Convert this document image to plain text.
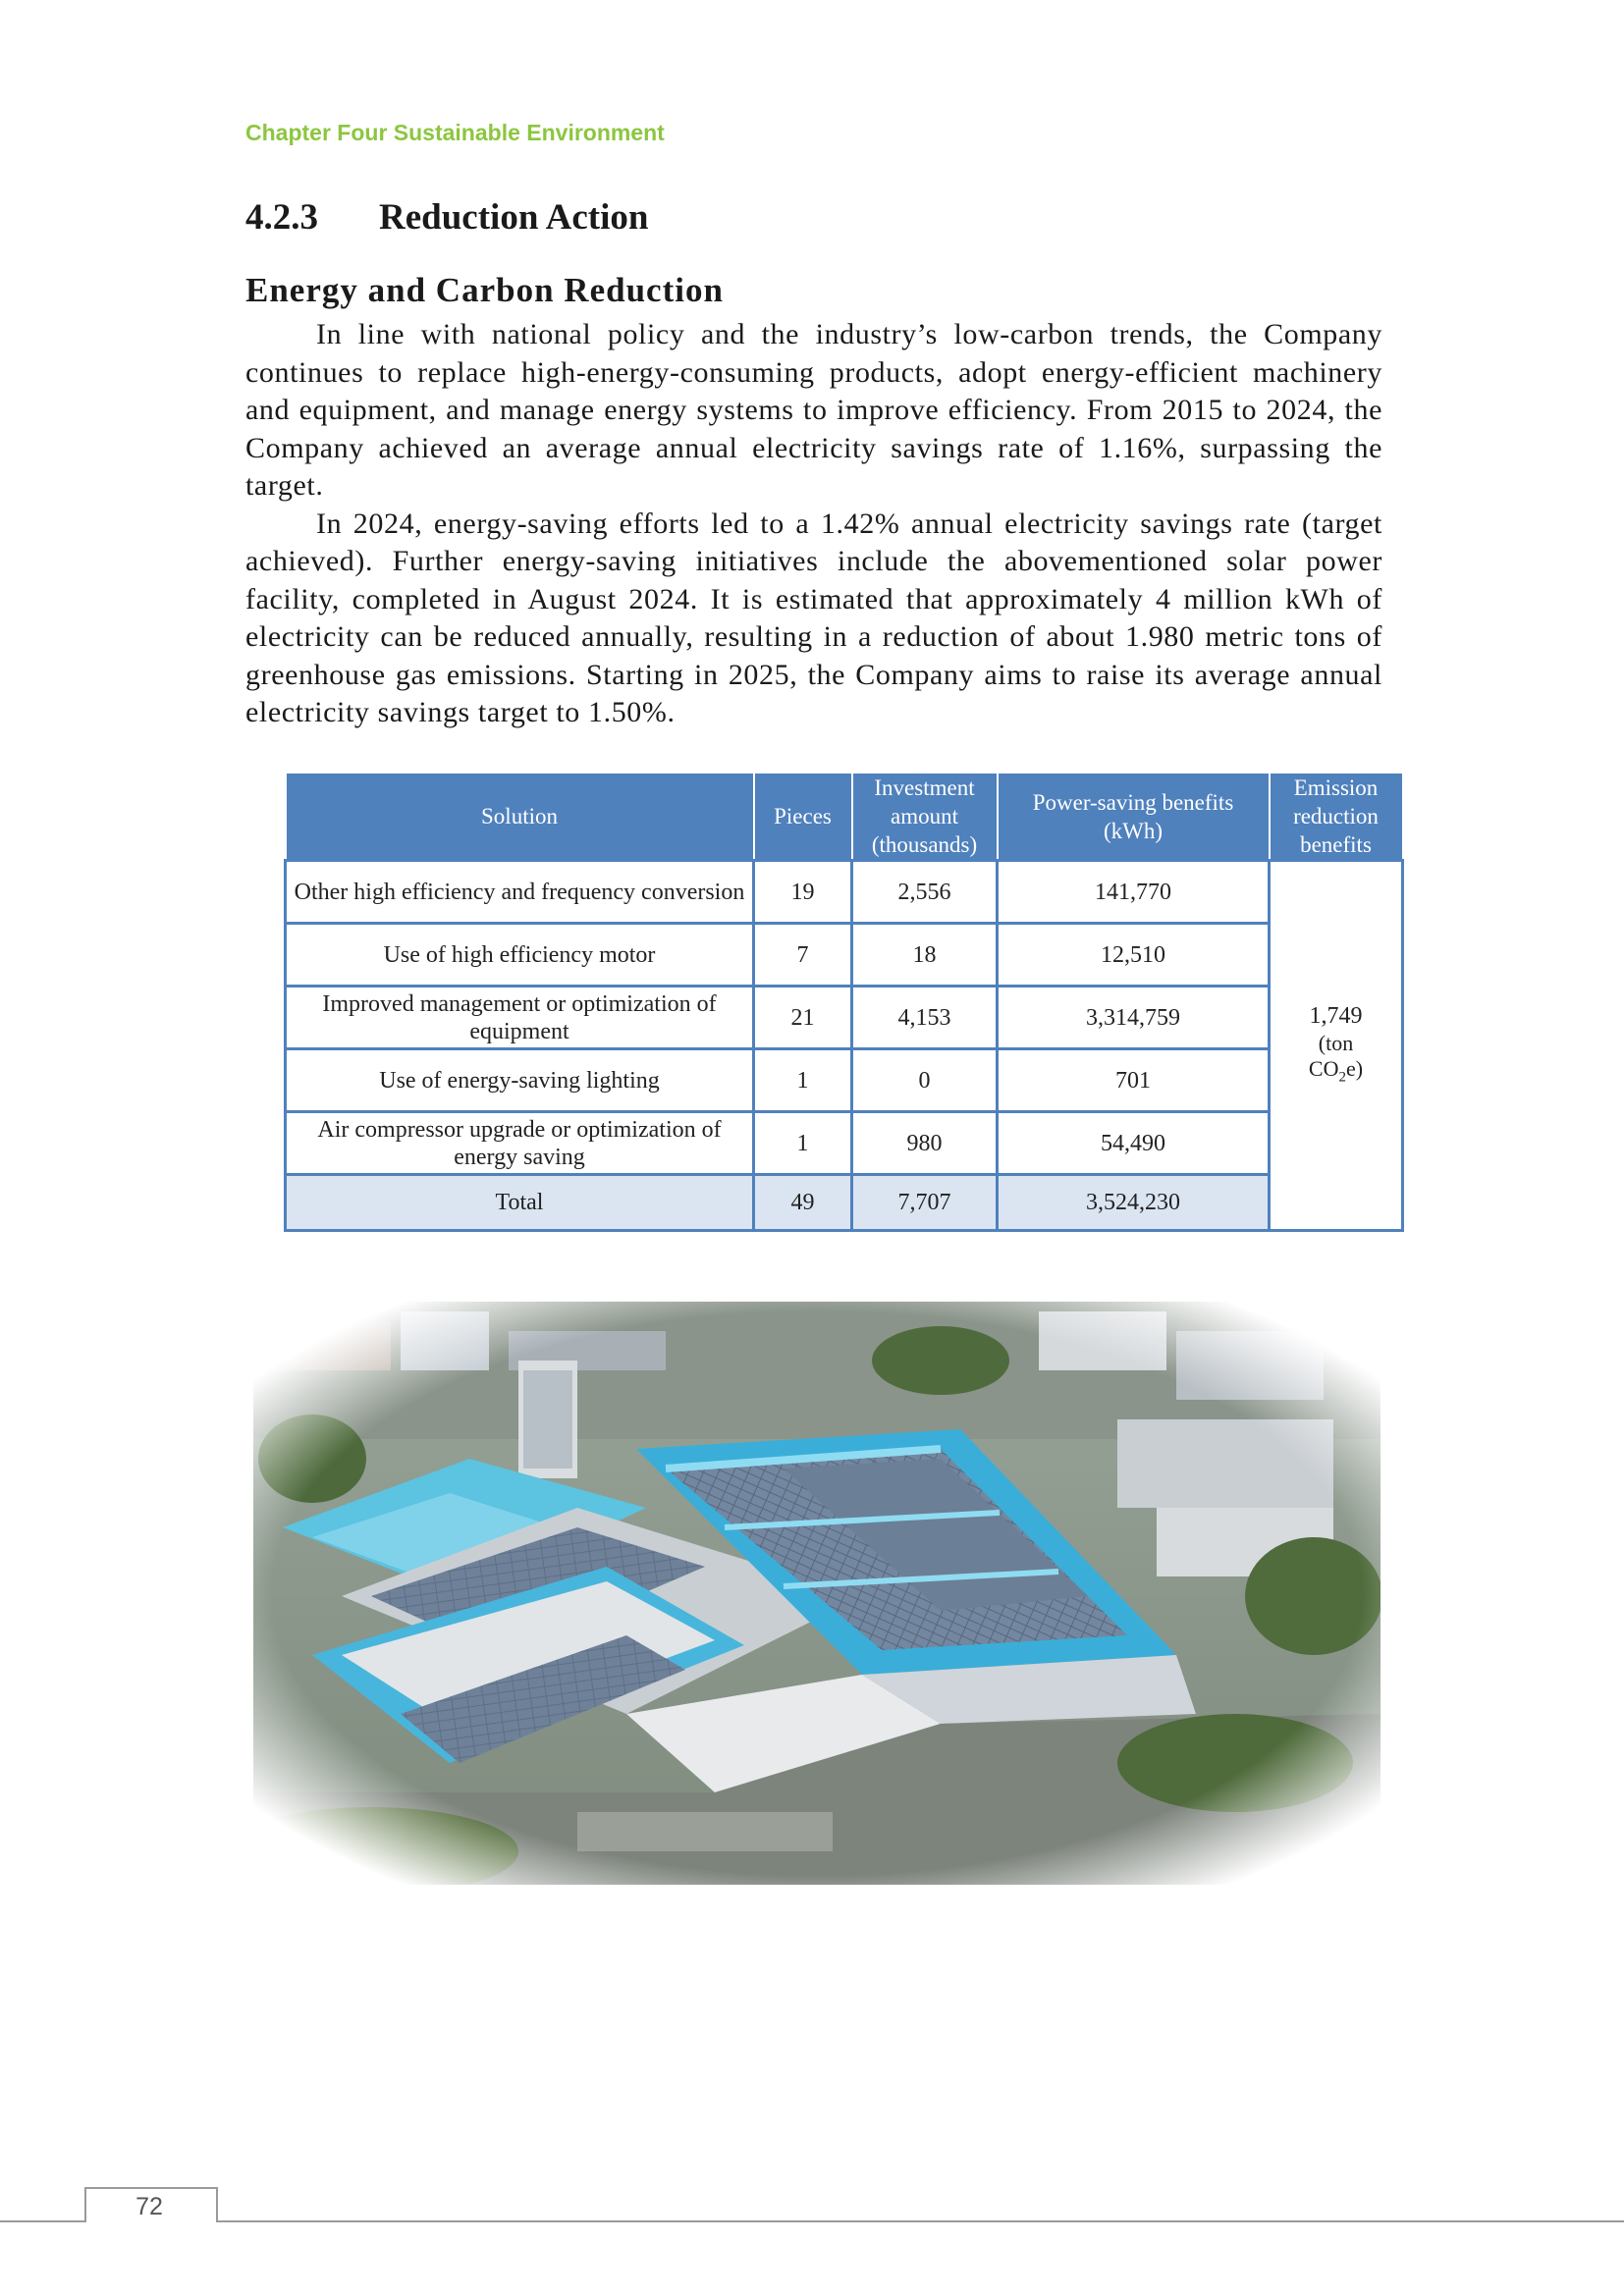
Chapter Four Sustainable Environment
4.2.3 Reduction Action
Energy and Carbon Reduction

In line with national policy and the industry’s low-carbon trends, the Company continues to replace high-energy-consuming products, adopt energy-efficient machinery and equipment, and manage energy systems to improve efficiency. From 2015 to 2024, the Company achieved an average annual electricity savings rate of 1.16%, surpassing the target.

In 2024, energy-saving efforts led to a 1.42% annual electricity savings rate (target achieved). Further energy-saving initiatives include the abovementioned solar power facility, completed in August 2024. It is estimated that approximately 4 million kWh of electricity can be reduced annually, resulting in a reduction of about 1.980 metric tons of greenhouse gas emissions. Starting in 2025, the Company aims to raise its average annual electricity savings target to 1.50%.

Solution	Pieces	Investment amount (thousands)	Power-saving benefits (kWh)	Emission reduction benefits
Other high efficiency and frequency conversion	19	2,556	141,770	1,749
(ton
$CO_2e$)

Use of high efficiency motor	7	18	12,510	
Improved management or optimization of equipment	21	4,153	3,314,759	
Use of energy-saving lighting	1	0	701	
Air compressor upgrade or optimization of energy saving	1	980	54,490	
Total	49	7,707	3,524,230	
72
